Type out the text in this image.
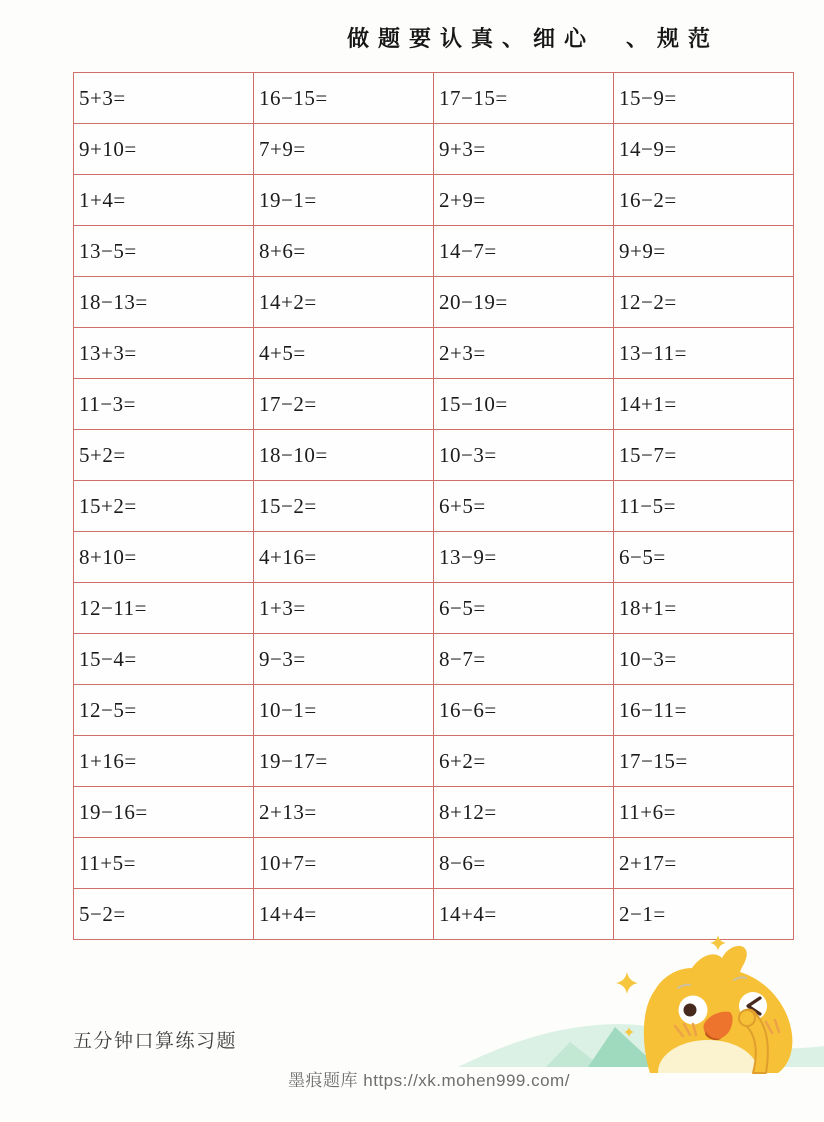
做题要认真、细心　、规范
5+3=	16−15=	17−15=	15−9=
9+10=	7+9=	9+3=	14−9=
1+4=	19−1=	2+9=	16−2=
13−5=	8+6=	14−7=	9+9=
18−13=	14+2=	20−19=	12−2=
13+3=	4+5=	2+3=	13−11=
11−3=	17−2=	15−10=	14+1=
5+2=	18−10=	10−3=	15−7=
15+2=	15−2=	6+5=	11−5=
8+10=	4+16=	13−9=	6−5=
12−11=	1+3=	6−5=	18+1=
15−4=	9−3=	8−7=	10−3=
12−5=	10−1=	16−6=	16−11=
1+16=	19−17=	6+2=	17−15=
19−16=	2+13=	8+12=	11+6=
11+5=	10+7=	8−6=	2+17=
5−2=	14+4=	14+4=	2−1=
五分钟口算练习题
墨痕题库 https://xk.mohen999.com/
